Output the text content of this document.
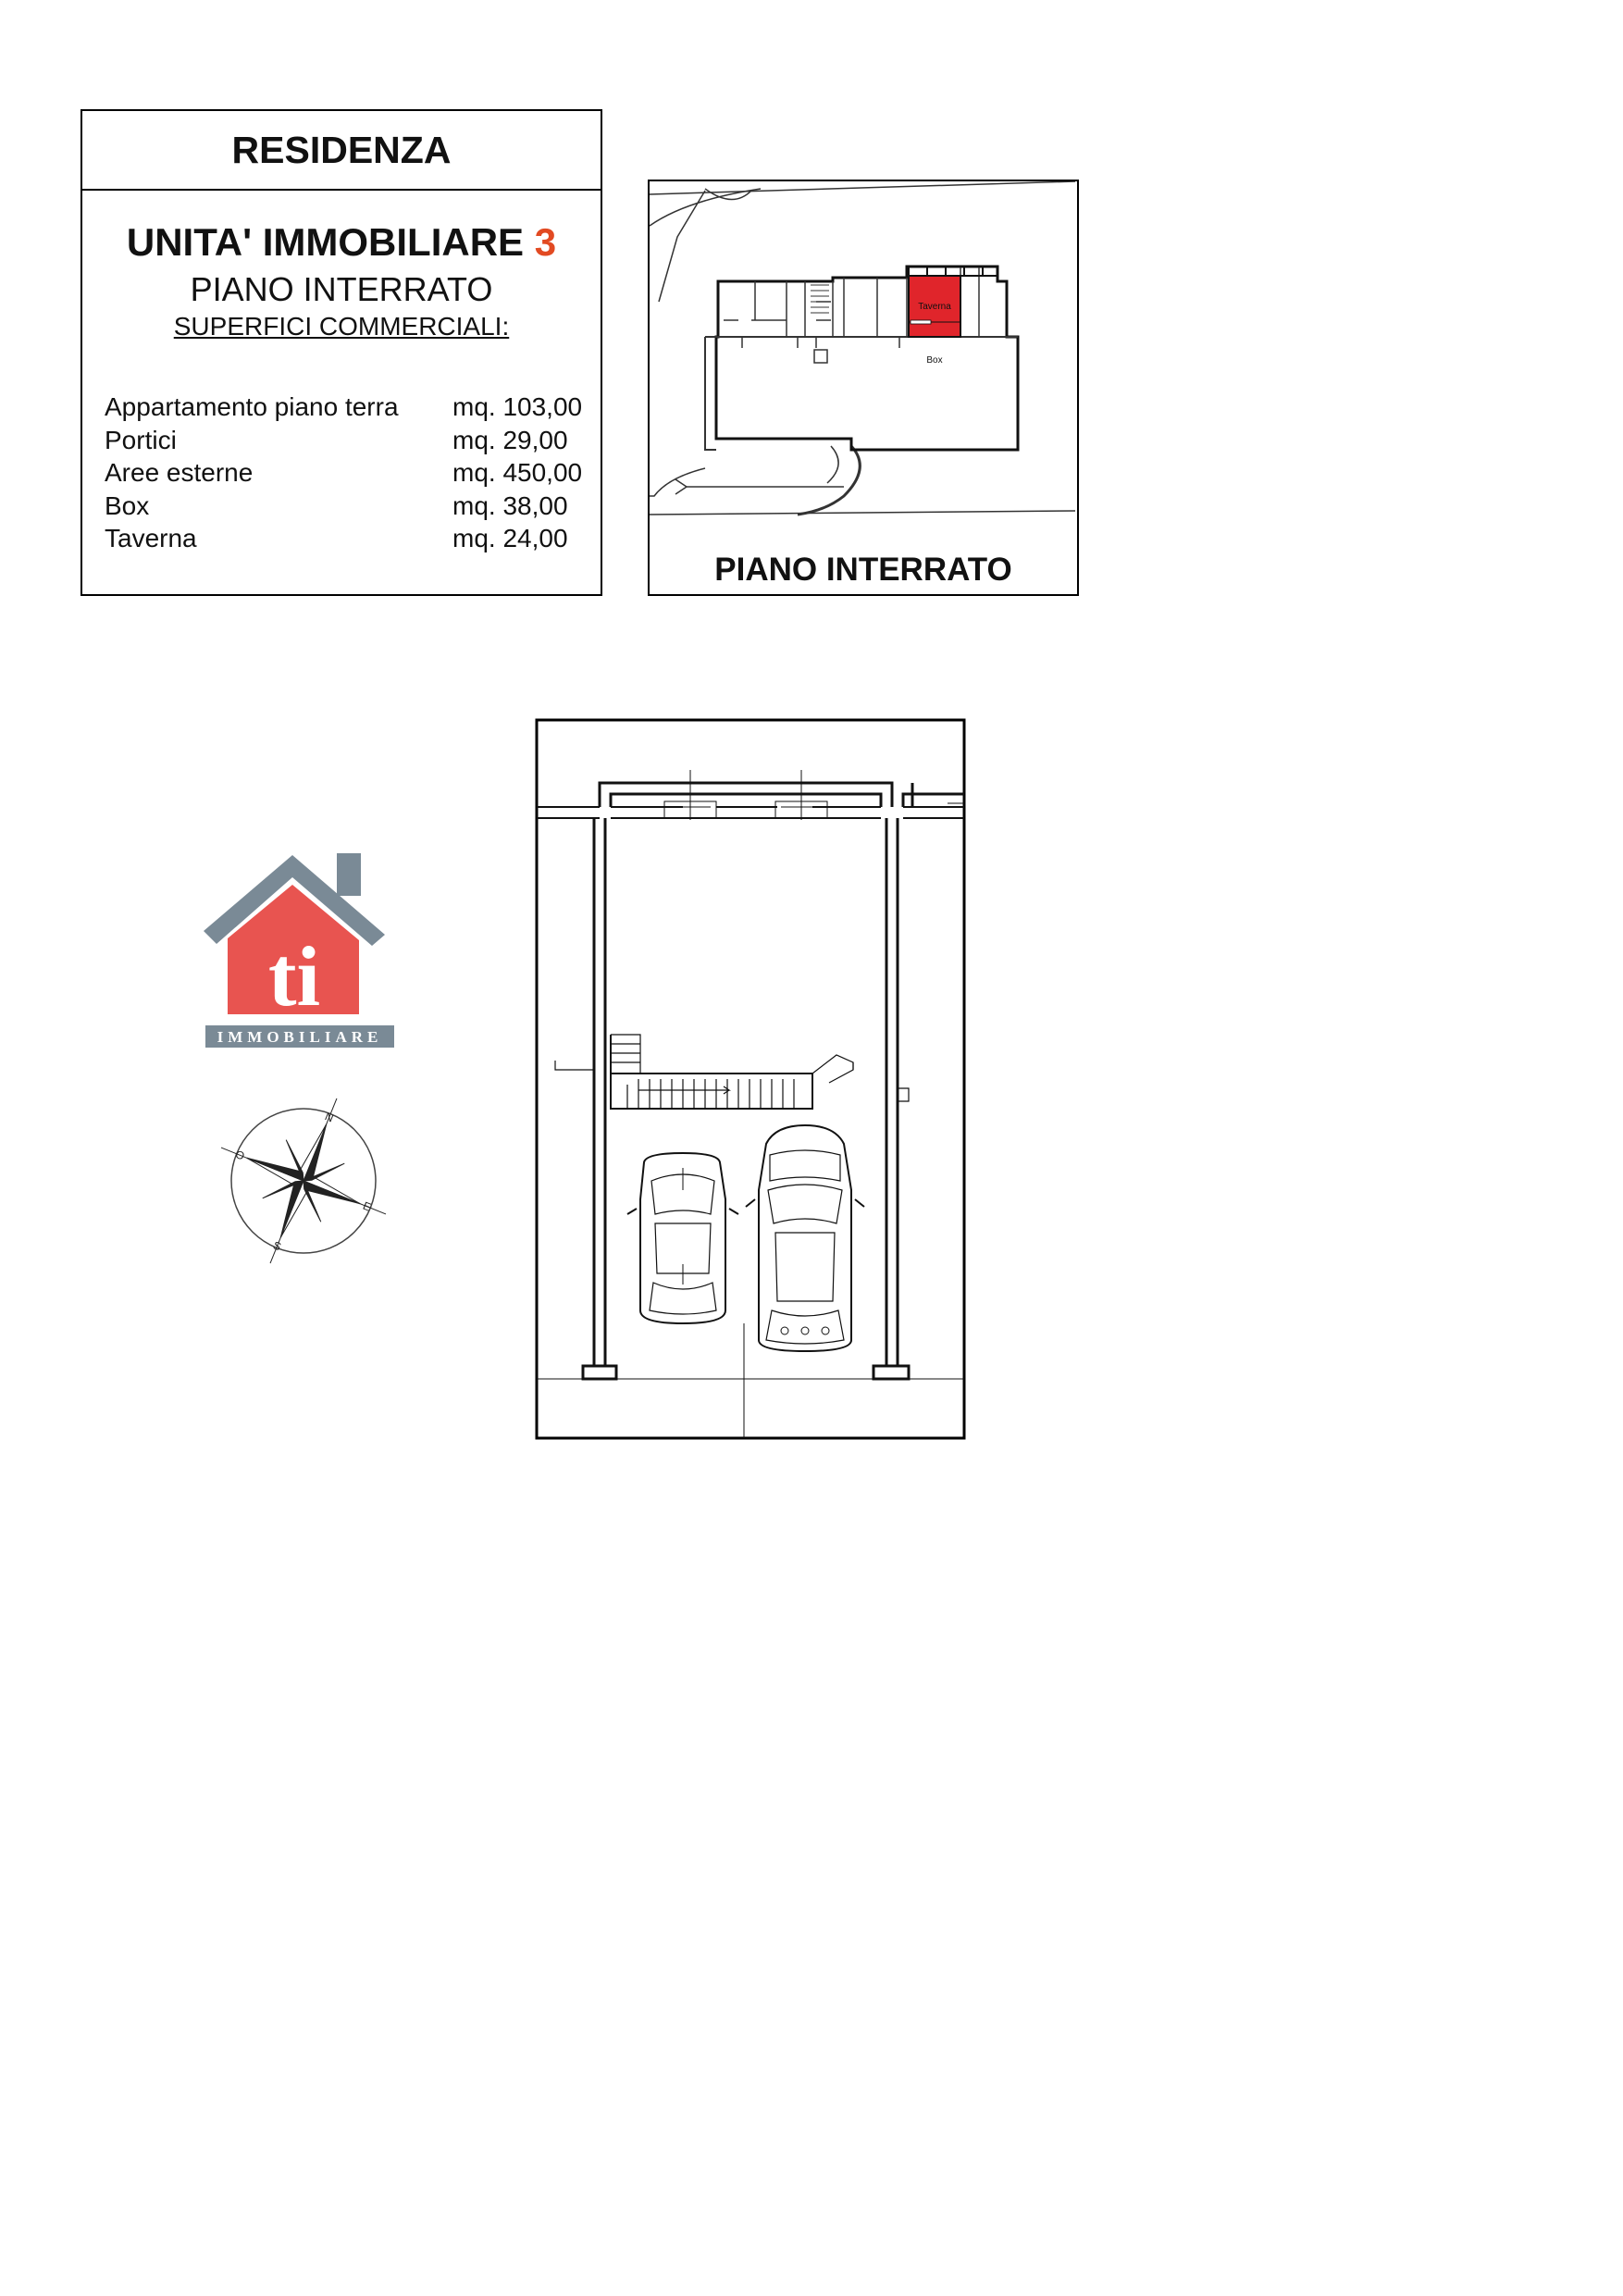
RESIDENZA
UNITA' IMMOBILIARE 3
PIANO INTERRATO
SUPERFICI COMMERCIALI:
Appartamento piano terra mq. 103,00
Portici	mq. 29,00
Aree esterne	mq. 450,00
Box	mq. 38,00
Taverna	mq. 24,00
Taverna
Box
PIANO INTERRATO
ti
IMMOBILIARE
N
E
S
O
